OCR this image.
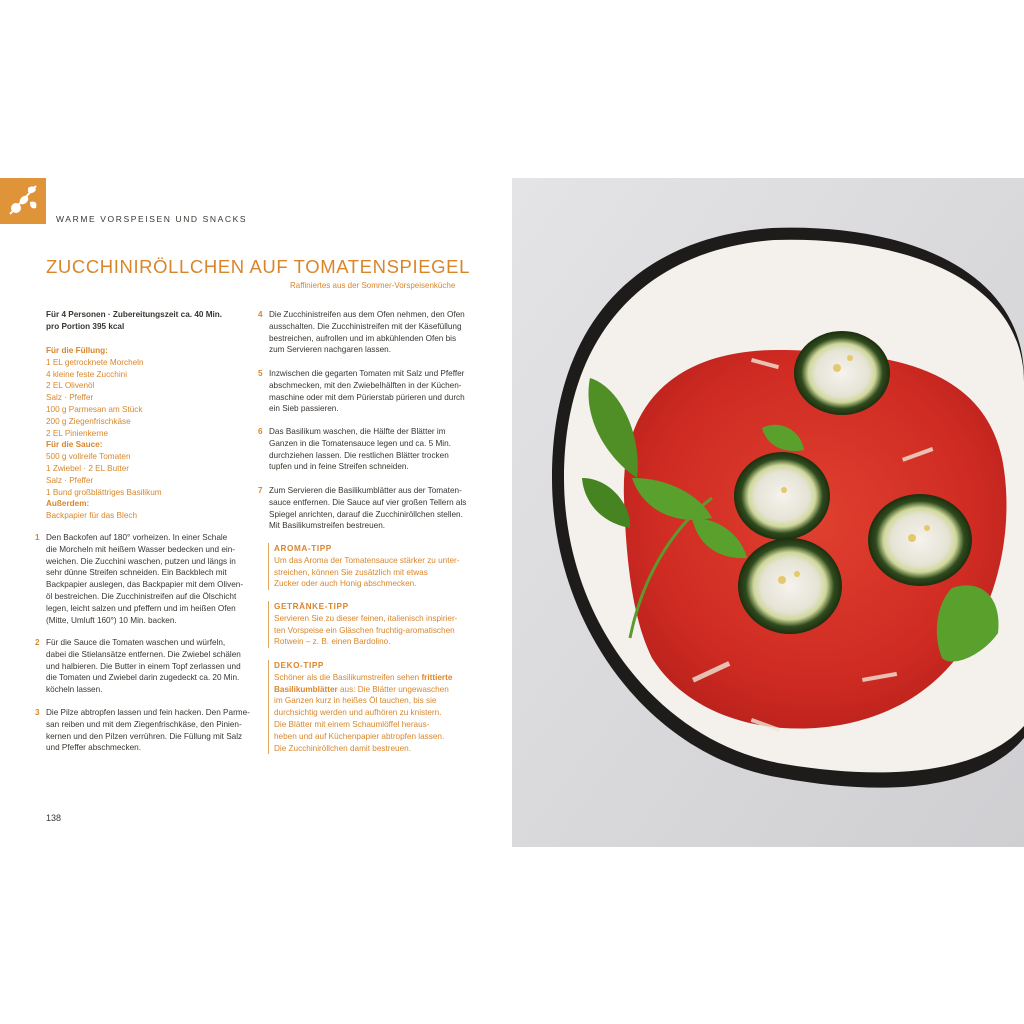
WARME VORSPEISEN UND SNACKS
ZUCCHINIRÖLLCHEN AUF TOMATENSPIEGEL
Raffiniertes aus der Sommer-Vorspeisenküche

Für 4 Personen · Zubereitungszeit ca. 40 Min.

pro Portion 395 kcal

Für die Füllung:

1 EL getrocknete Morcheln

4 kleine feste Zucchini

2 EL Olivenöl

Salz · Pfeffer

100 g Parmesan am Stück

200 g Ziegenfrischkäse

2 EL Pinienkerne

Für die Sauce:

500 g vollreife Tomaten

1 Zwiebel · 2 EL Butter

Salz · Pfeffer

1 Bund großblättriges Basilikum

Außerdem:

Backpapier für das Blech

1 Den Backofen auf 180° vorheizen. In einer Schale

die Morcheln mit heißem Wasser bedecken und ein-

weichen. Die Zucchini waschen, putzen und längs in

sehr dünne Streifen schneiden. Ein Backblech mit

Backpapier auslegen, das Backpapier mit dem Oliven-

öl bestreichen. Die Zucchinistreifen auf die Ölschicht

legen, leicht salzen und pfeffern und im heißen Ofen

(Mitte, Umluft 160°) 10 Min. backen.

2 Für die Sauce die Tomaten waschen und würfeln,

dabei die Stielansätze entfernen. Die Zwiebel schälen

und halbieren. Die Butter in einem Topf zerlassen und

die Tomaten und Zwiebel darin zugedeckt ca. 20 Min.

köcheln lassen.

3 Die Pilze abtropfen lassen und fein hacken. Den Parme-

san reiben und mit dem Ziegenfrischkäse, den Pinien-

kernen und den Pilzen verrühren. Die Füllung mit Salz

und Pfeffer abschmecken.

4 Die Zucchinistreifen aus dem Ofen nehmen, den Ofen

ausschalten. Die Zucchinistreifen mit der Käsefüllung

bestreichen, aufrollen und im abkühlenden Ofen bis

zum Servieren nachgaren lassen.

5 Inzwischen die gegarten Tomaten mit Salz und Pfeffer

abschmecken, mit den Zwiebelhälften in der Küchen-

maschine oder mit dem Pürierstab pürieren und durch

ein Sieb passieren.

6 Das Basilikum waschen, die Hälfte der Blätter im

Ganzen in die Tomatensauce legen und ca. 5 Min.

durchziehen lassen. Die restlichen Blätter trocken

tupfen und in feine Streifen schneiden.

7 Zum Servieren die Basilikumblätter aus der Tomaten-

sauce entfernen. Die Sauce auf vier großen Tellern als

Spiegel anrichten, darauf die Zucchiniröllchen stellen.

Mit Basilikumstreifen bestreuen.

AROMA-TIPP
Um das Aroma der Tomatensauce stärker zu unter-
streichen, können Sie zusätzlich mit etwas
Zucker oder auch Honig abschmecken.
GETRÄNKE-TIPP
Servieren Sie zu dieser feinen, italienisch inspirier-
ten Vorspeise ein Gläschen fruchtig-aromatischen
Rotwein – z. B. einen Bardolino.
DEKO-TIPP
Schöner als die Basilikumstreifen sehen frittierte
Basilikumblätter aus: Die Blätter ungewaschen
im Ganzen kurz in heißes Öl tauchen, bis sie
durchsichtig werden und aufhören zu knistern.
Die Blätter mit einem Schaumlöffel heraus-
heben und auf Küchenpapier abtropfen lassen.
Die Zucchiniröllchen damit bestreuen.
138
